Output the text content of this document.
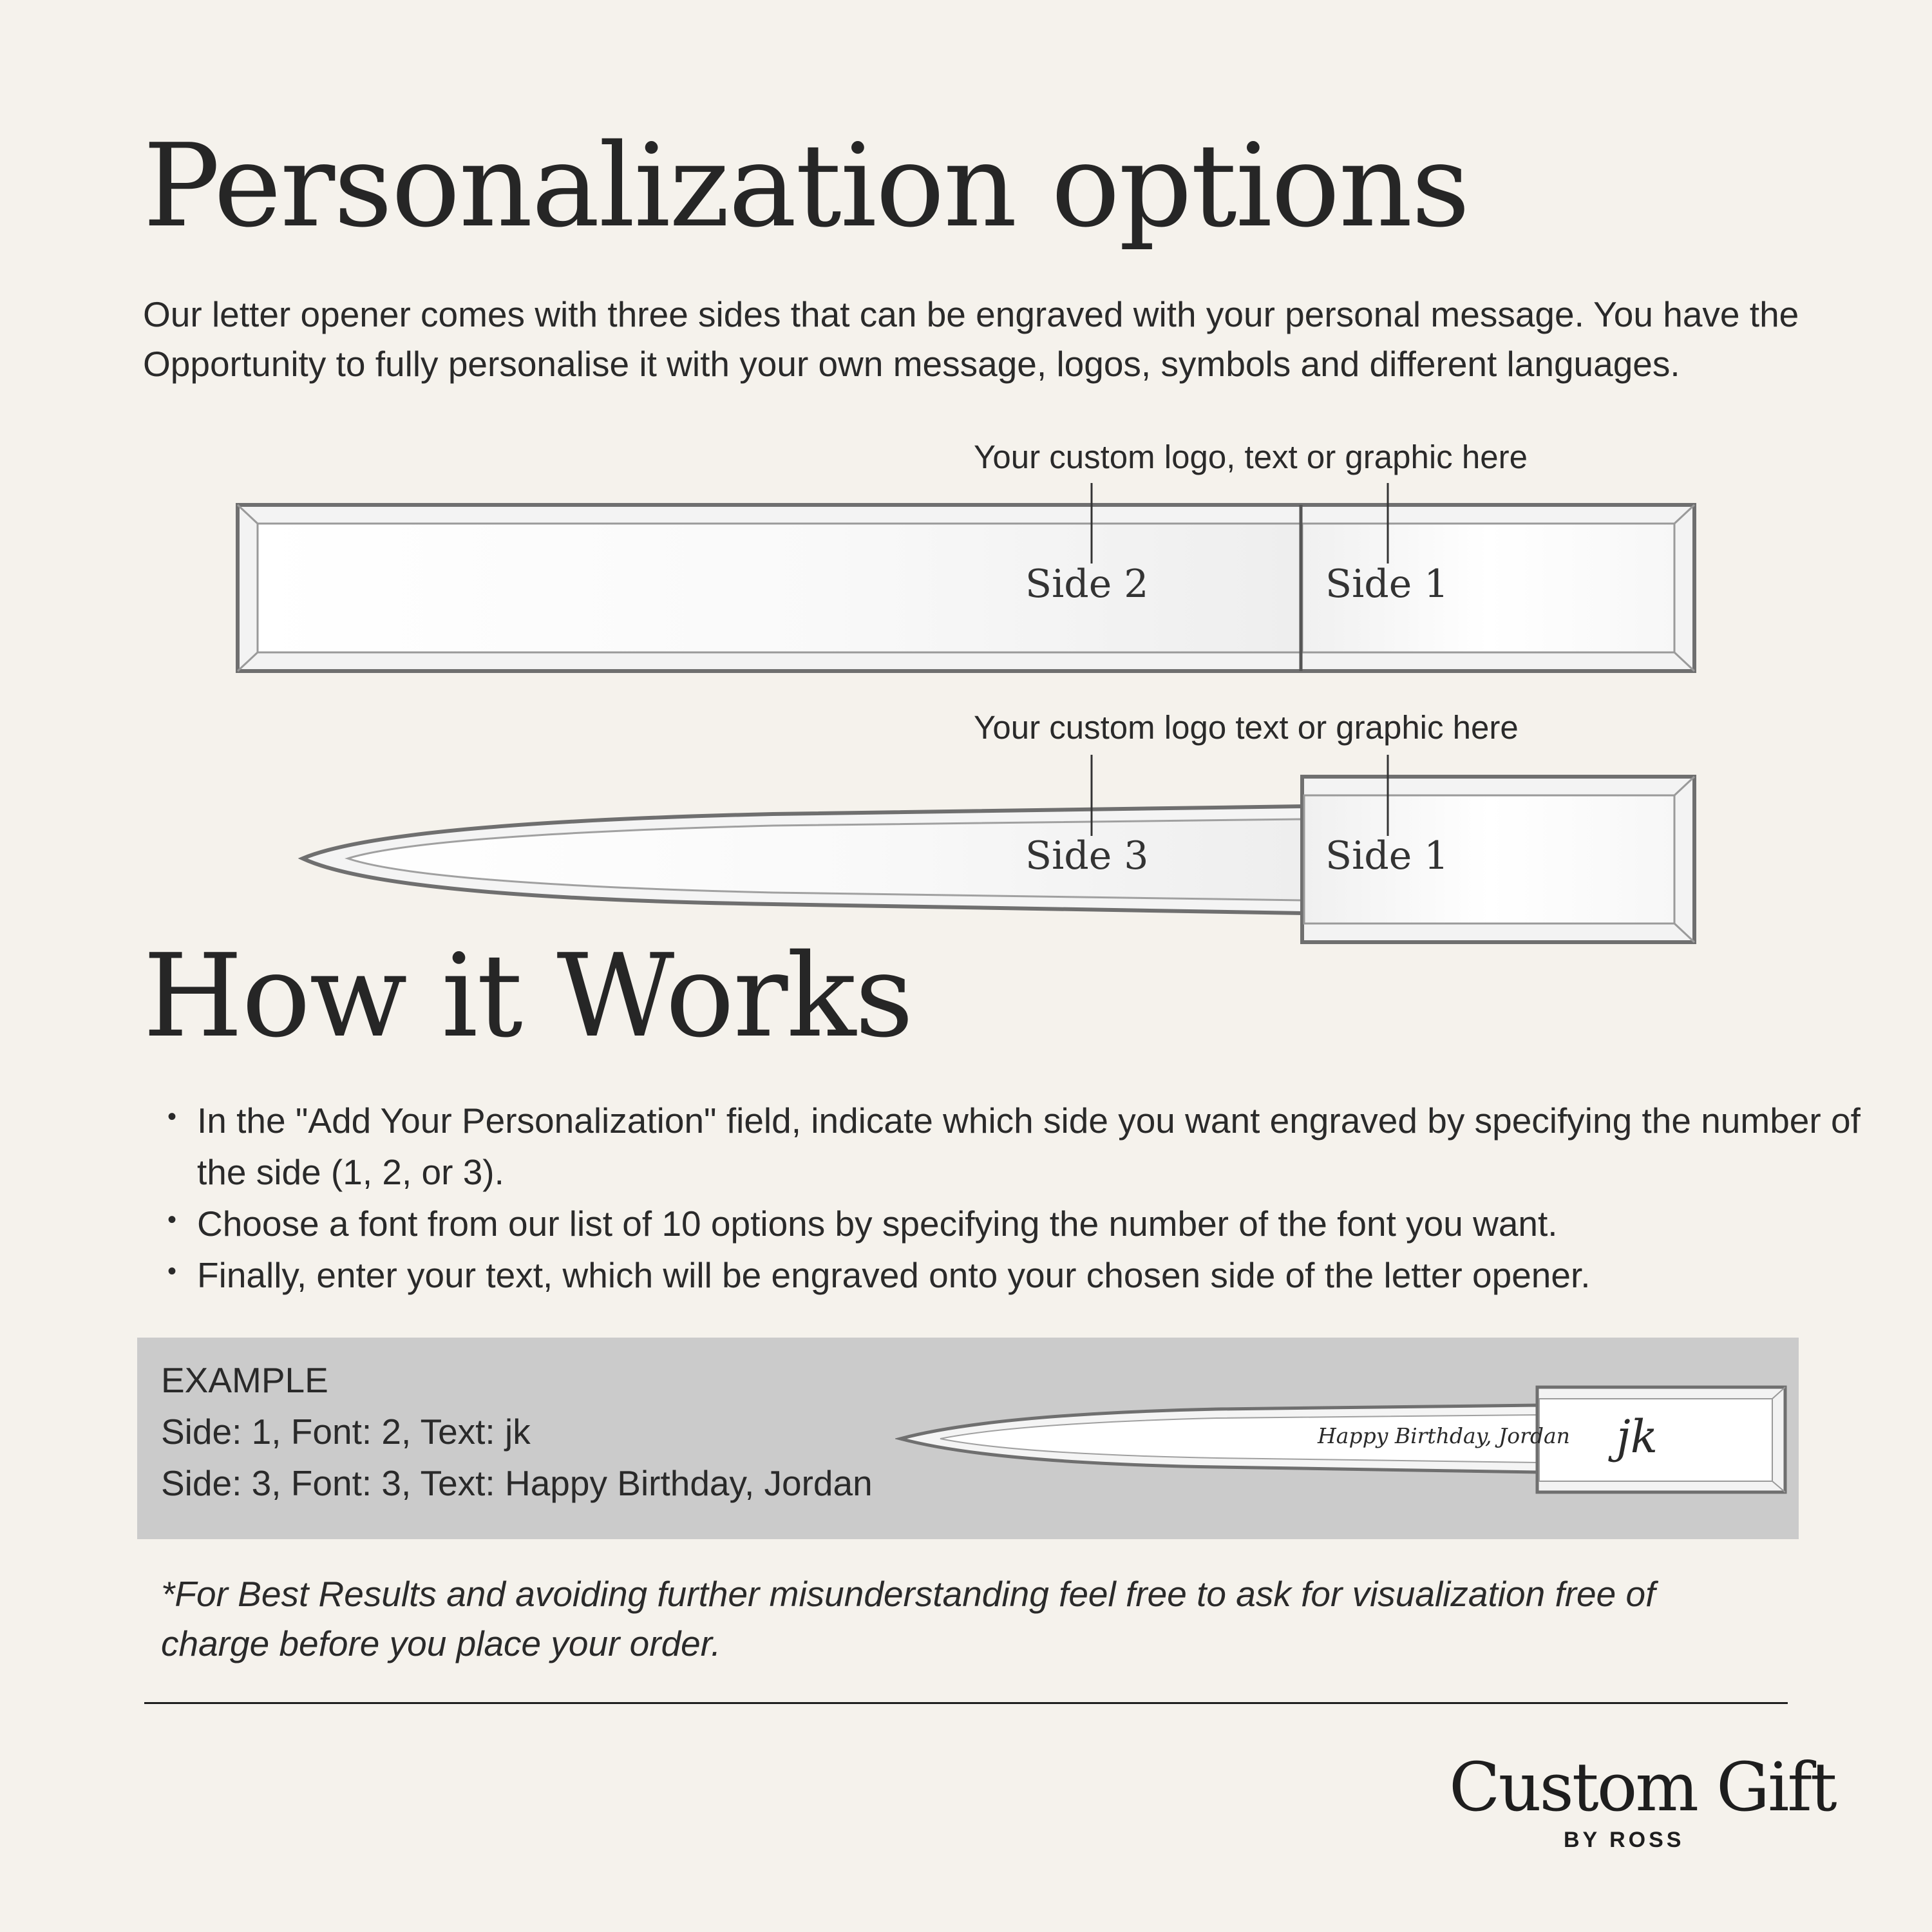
Personalization options

Our letter opener comes with three sides that can be engraved with your personal message. You have the Opportunity to fully personalise it with your own message, logos, symbols and different languages.

Your custom logo, text or graphic here
Side 2	Side 1
Your custom logo text or graphic here
Side 3	Side 1
How it Works
• In the "Add Your Personalization" field, indicate which side you want engraved by specifying the number of the side (1, 2, or 3).
• Choose a font from our list of 10 options by specifying the number of the font you want.
• Finally, enter your text, which will be engraved onto your chosen side of the letter opener.
EXAMPLE
Side: 1, Font: 2, Text: jk
Side: 3, Font: 3, Text: Happy Birthday, Jordan
Happy Birthday, Jordan jk

*For Best Results and avoiding further misunderstanding feel free to ask for visualization free of charge before you place your order.

Custom Gift
BY ROSS
